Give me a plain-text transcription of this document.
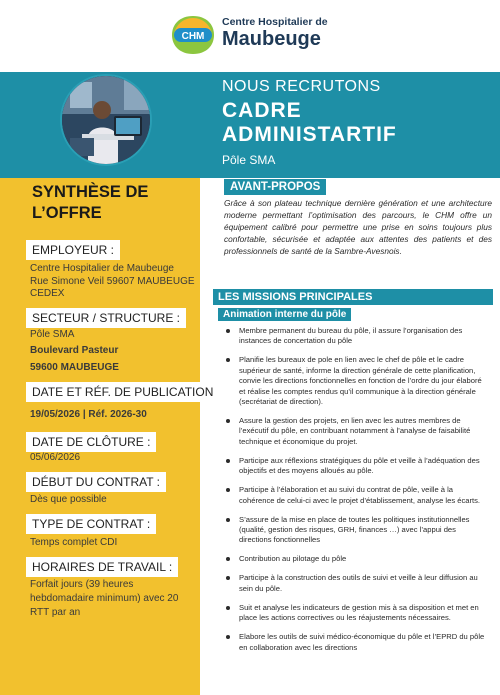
CHM
Centre Hospitalier de
Maubeuge
NOUS RECRUTONS
CADRE
ADMINISTARTIF
Pôle SMA
SYNTHÈSE DE L’OFFRE
EMPLOYEUR :
Centre Hospitalier de Maubeuge Rue Simone Veil 59607 MAUBEUGE CEDEX
SECTEUR / STRUCTURE :
Pôle SMA
Boulevard Pasteur
59600 MAUBEUGE
DATE ET RÉF. DE PUBLICATION
19/05/2026 | Réf. 2026-30
DATE DE CLÔTURE :
05/06/2026
DÉBUT DU CONTRAT :
Dès que possible
TYPE DE CONTRAT :
Temps complet CDI
HORAIRES DE TRAVAIL :
Forfait jours (39 heures hebdomadaire minimum) avec 20 RTT par an
AVANT-PROPOS
Grâce à son plateau technique dernière génération et une architecture moderne permettant l’optimisation des parcours, le CHM offre un équipement calibré pour permettre une prise en soins toujours plus confortable, sécurisée et adaptée aux attentes des patients et des professionnels de santé de la Sambre-Avesnois.
LES MISSIONS PRINCIPALES
Animation interne du pôle
Membre permanent du bureau du pôle, il assure l’organisation des instances de concertation du pôle
Planifie les bureaux de pole en lien avec le chef de pôle et le cadre supérieur de santé, informe la direction générale de cette planification, convie les directions fonctionnelles en fonction de l’ordre du jour élaboré et réalise les comptes rendus qu’il communique à la direction générale (secrétariat de direction).
Assure la gestion des projets, en lien avec les autres membres de l’exécutif du pôle, en contribuant notamment à l’analyse de faisabilité technique et économique du projet.
Participe aux réflexions stratégiques du pôle et veille à l’adéquation des objectifs et des moyens alloués au pôle.
Participe à l’élaboration et au suivi du contrat de pôle, veille à la cohérence de celui-ci avec le projet d’établissement, analyse les écarts.
S’assure de la mise en place de toutes les politiques institutionnelles (qualité, gestion des risques, GRH, finances …) avec l’appui des directions fonctionnelles
Contribution au pilotage du pôle
Participe à la construction des outils de suivi et veille à leur diffusion au sein du pôle.
Suit et analyse les indicateurs de gestion mis à sa disposition et met en place les actions correctives ou les réajustements nécessaires.
Elabore les outils de suivi médico-économique du pôle et l’EPRD du pôle en collaboration avec les directions
